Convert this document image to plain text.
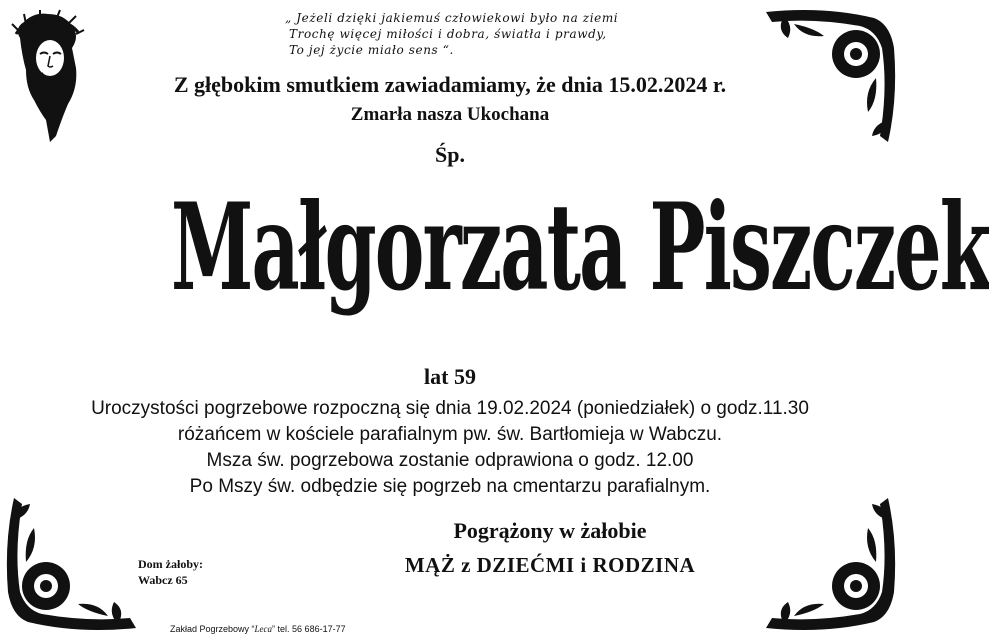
„ Jeżeli dzięki jakiemuś człowiekowi było na ziemi
Trochę więcej miłości i dobra, światła i prawdy,
To jej życie miało sens “.
Z głębokim smutkiem zawiadamiamy, że dnia 15.02.2024 r.
Zmarła nasza Ukochana
Śp.
Małgorzata Piszczek
lat 59
Uroczystości pogrzebowe rozpoczną się dnia 19.02.2024 (poniedziałek) o godz.11.30
różańcem w kościele parafialnym pw. św. Bartłomieja w Wabczu.
Msza św. pogrzebowa zostanie odprawiona o godz. 12.00
Po Mszy św. odbędzie się pogrzeb na cmentarzu parafialnym.
Dom żałoby:
Wabcz 65
Pogrążony w żałobie
MĄŻ z DZIEĆMI i RODZINA
Zakład Pogrzebowy “Leca” tel. 56 686-17-77
